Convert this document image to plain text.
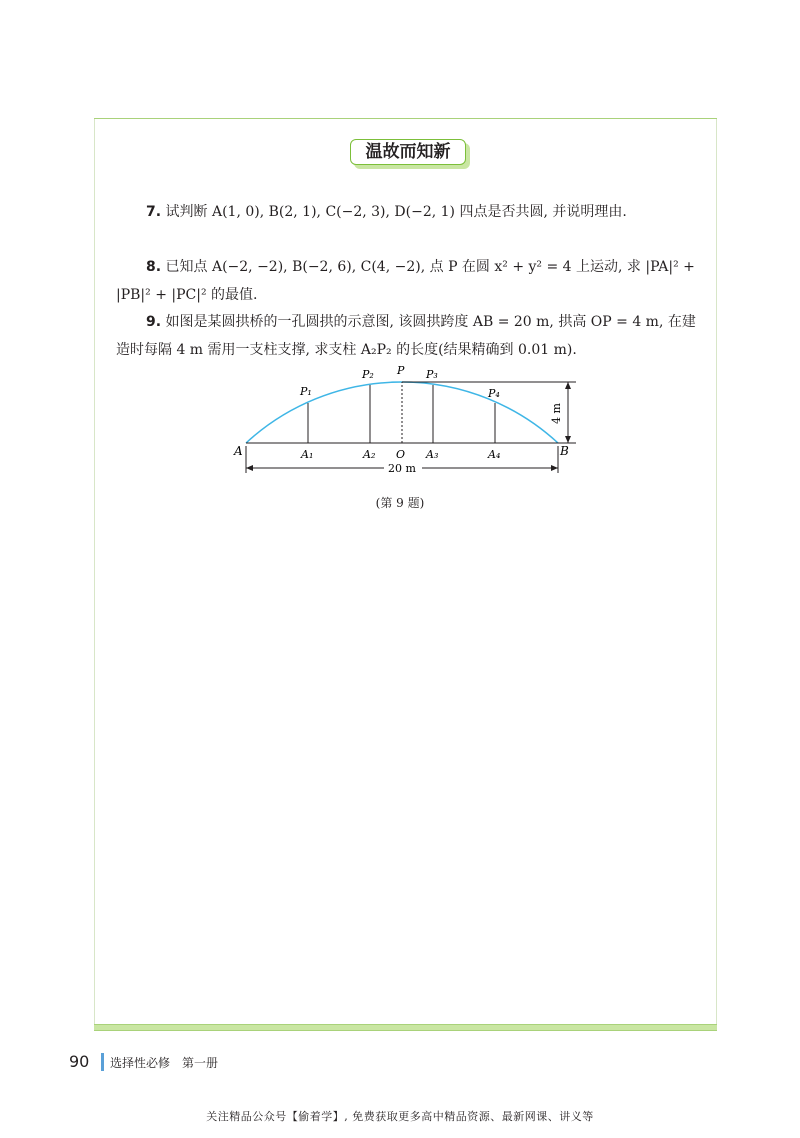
温故而知新
7. 试判断 A(1, 0), B(2, 1), C(−2, 3), D(−2, 1) 四点是否共圆, 并说明理由.
8. 已知点 A(−2, −2), B(−2, 6), C(4, −2), 点 P 在圆 x² + y² = 4 上运动, 求 |PA|² + |PB|² + |PC|² 的最值.
9. 如图是某圆拱桥的一孔圆拱的示意图, 该圆拱跨度 AB = 20 m, 拱高 OP = 4 m, 在建造时每隔 4 m 需用一支柱支撑, 求支柱 A₂P₂ 的长度(结果精确到 0.01 m).
A	B
A₁	A₂ O A₃	A₄
P₁
P₂ P P₃
P₄
20 m
4 m
(第 9 题)
90 选择性必修　第一册
关注精品公众号【偷着学】, 免费获取更多高中精品资源、最新网课、讲义等
